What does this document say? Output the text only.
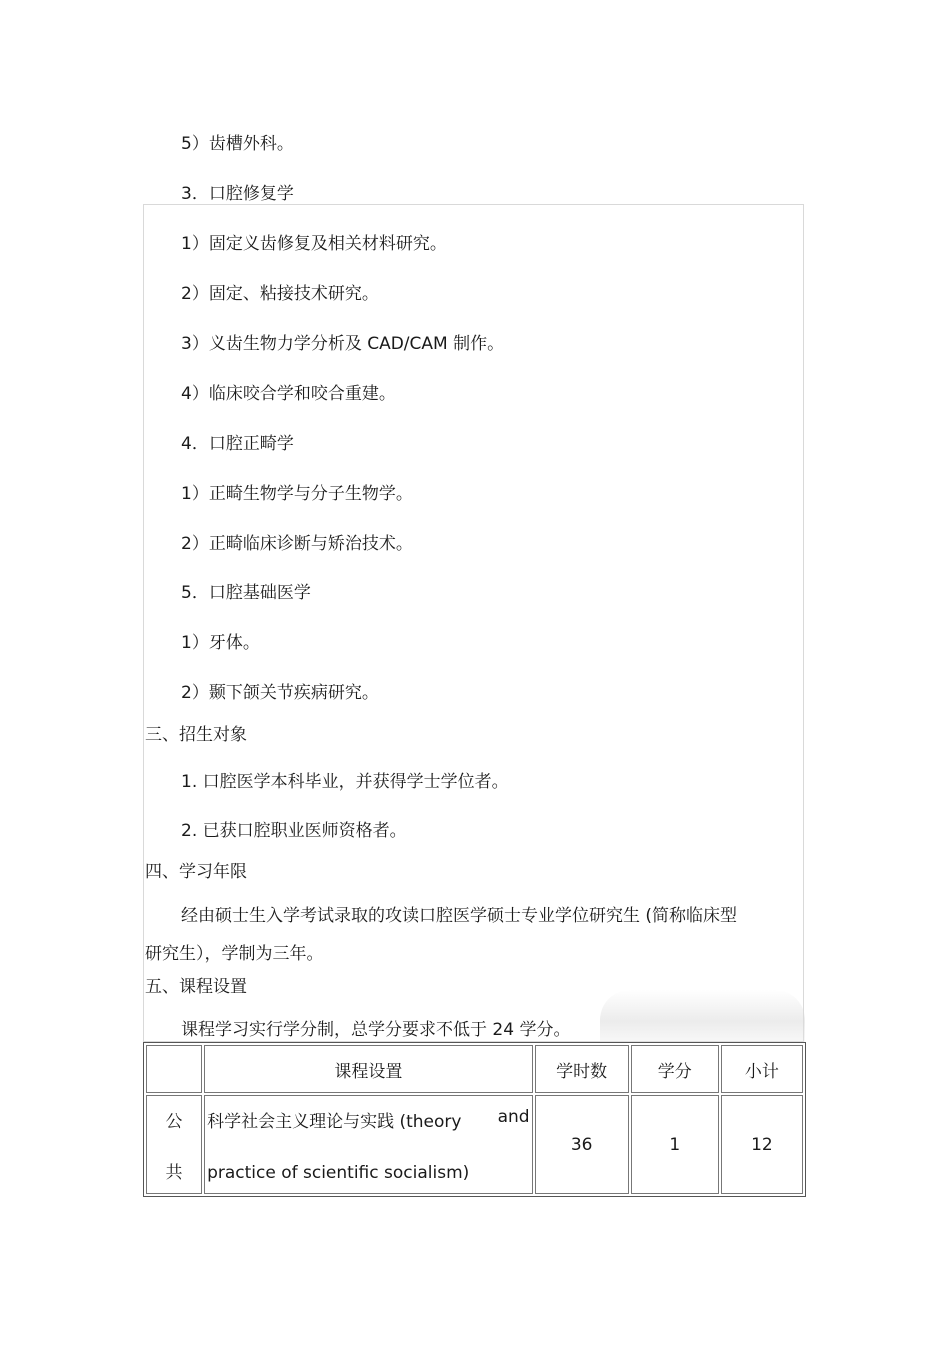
5）齿槽外科。
3．口腔修复学
1）固定义齿修复及相关材料研究。
2）固定、粘接技术研究。
3）义齿生物力学分析及 CAD/CAM 制作。
4）临床咬合学和咬合重建。
4．口腔正畸学
1）正畸生物学与分子生物学。
2）正畸临床诊断与矫治技术。
5．口腔基础医学
1）牙体。
2）颞下颌关节疾病研究。
三、招生对象
1. 口腔医学本科毕业，并获得学士学位者。
2. 已获口腔职业医师资格者。
四、学习年限
经由硕士生入学考试录取的攻读口腔医学硕士专业学位研究生 (简称临床型
研究生），学制为三年。
五、课程设置
课程学习实行学分制，总学分要求不低于 24 学分。
	课程设置	学时数	学分	小计

公
共	科学社会主义理论与实践 (theory and
practice of scientific socialism)	36	1	12
